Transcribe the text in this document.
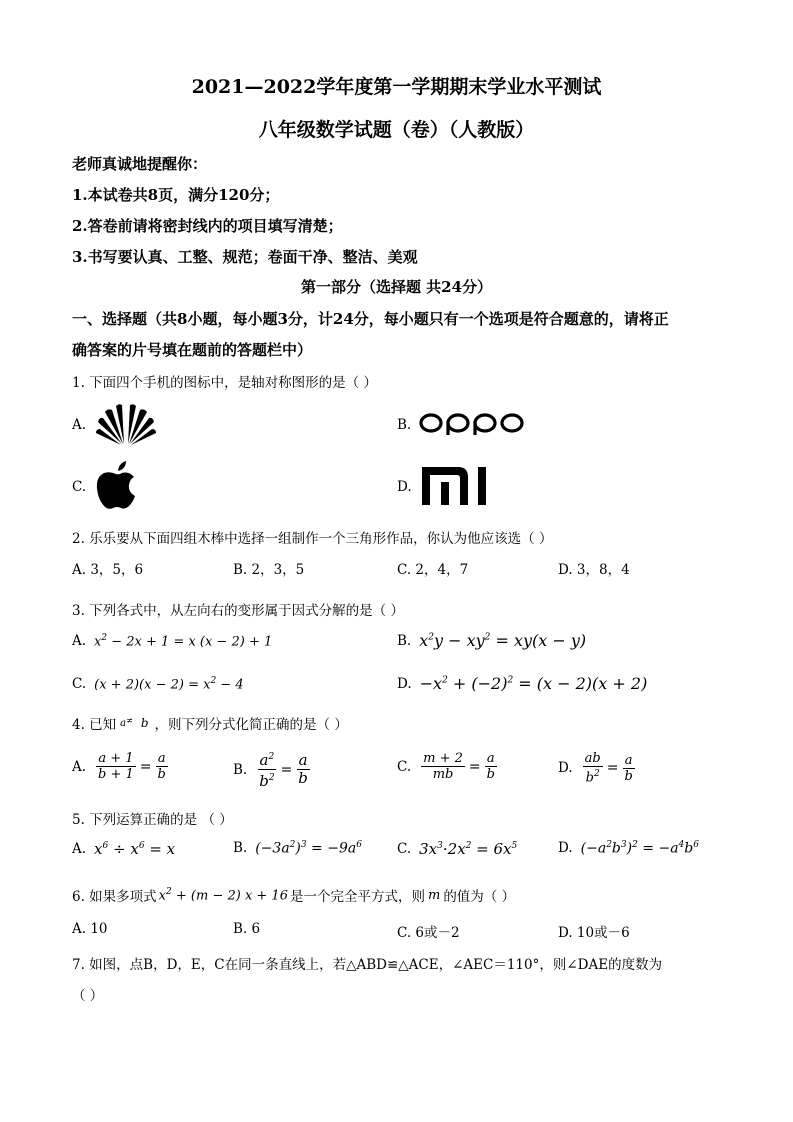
2021—2022学年度第一学期期末学业水平测试
八年级数学试题（卷）（人教版）
老师真诚地提醒你：
1.本试卷共8页，满分120分；
2.答卷前请将密封线内的项目填写清楚；
3.书写要认真、工整、规范；卷面干净、整洁、美观
第一部分（选择题 共24分）
一、选择题（共8小题，每小题3分，计24分，每小题只有一个选项是符合题意的，请将正
确答案的片号填在题前的答题栏中）
1. 下面四个手机的图标中，是轴对称图形的是（ ）
A.	B.
C.	D.
2. 乐乐要从下面四组木棒中选择一组制作一个三角形作品，你认为他应该选（ ）
A. 3，5，6	B. 2，3，5	C. 2，4，7	D. 3，8，4
3. 下列各式中，从左向右的变形属于因式分解的是（ ）
A. $x^2 - 2x + 1 = x$ (x − 2) + 1	B. $x^2y - xy^2 = xy(x - y)$
C. $(x + 2)(x - 2) = x^2 - 4$	D. $-x^2 + (-2)^2 = (x - 2)(x + 2)$
4. 已知 a ≠ b ，则下列分式化简正确的是（ ）
A. $\frac{a + 1}{b + 1} = \frac{a}{b}$	B. $\frac{a^2}{b^2} = \frac{a}{b}$	C. $\frac{m + 2}{mb} = \frac{a}{b}$	D. $\frac{ab}{b^2} = \frac{a}{b}$
5. 下列运算正确的是 （ ）
A. $x^6 \div x^6 = x$	B. $(-3a^2)^3 = -9a^6$	C. $3x^3\cdot 2x^2 = 6x^5$	D. $(-a^2b^3)^2 = -a^4b^6$
6. 如果多项式 $x^2 + (m - 2) x + 16$ 是一个完全平方式，则 m 的值为（ ）
A. 10	B. 6	C. 6或－2	D. 10或－6
7. 如图，点B，D，E，C在同一条直线上，若△ABD≌△ACE，∠AEC＝110°，则∠DAE的度数为
（ ）
